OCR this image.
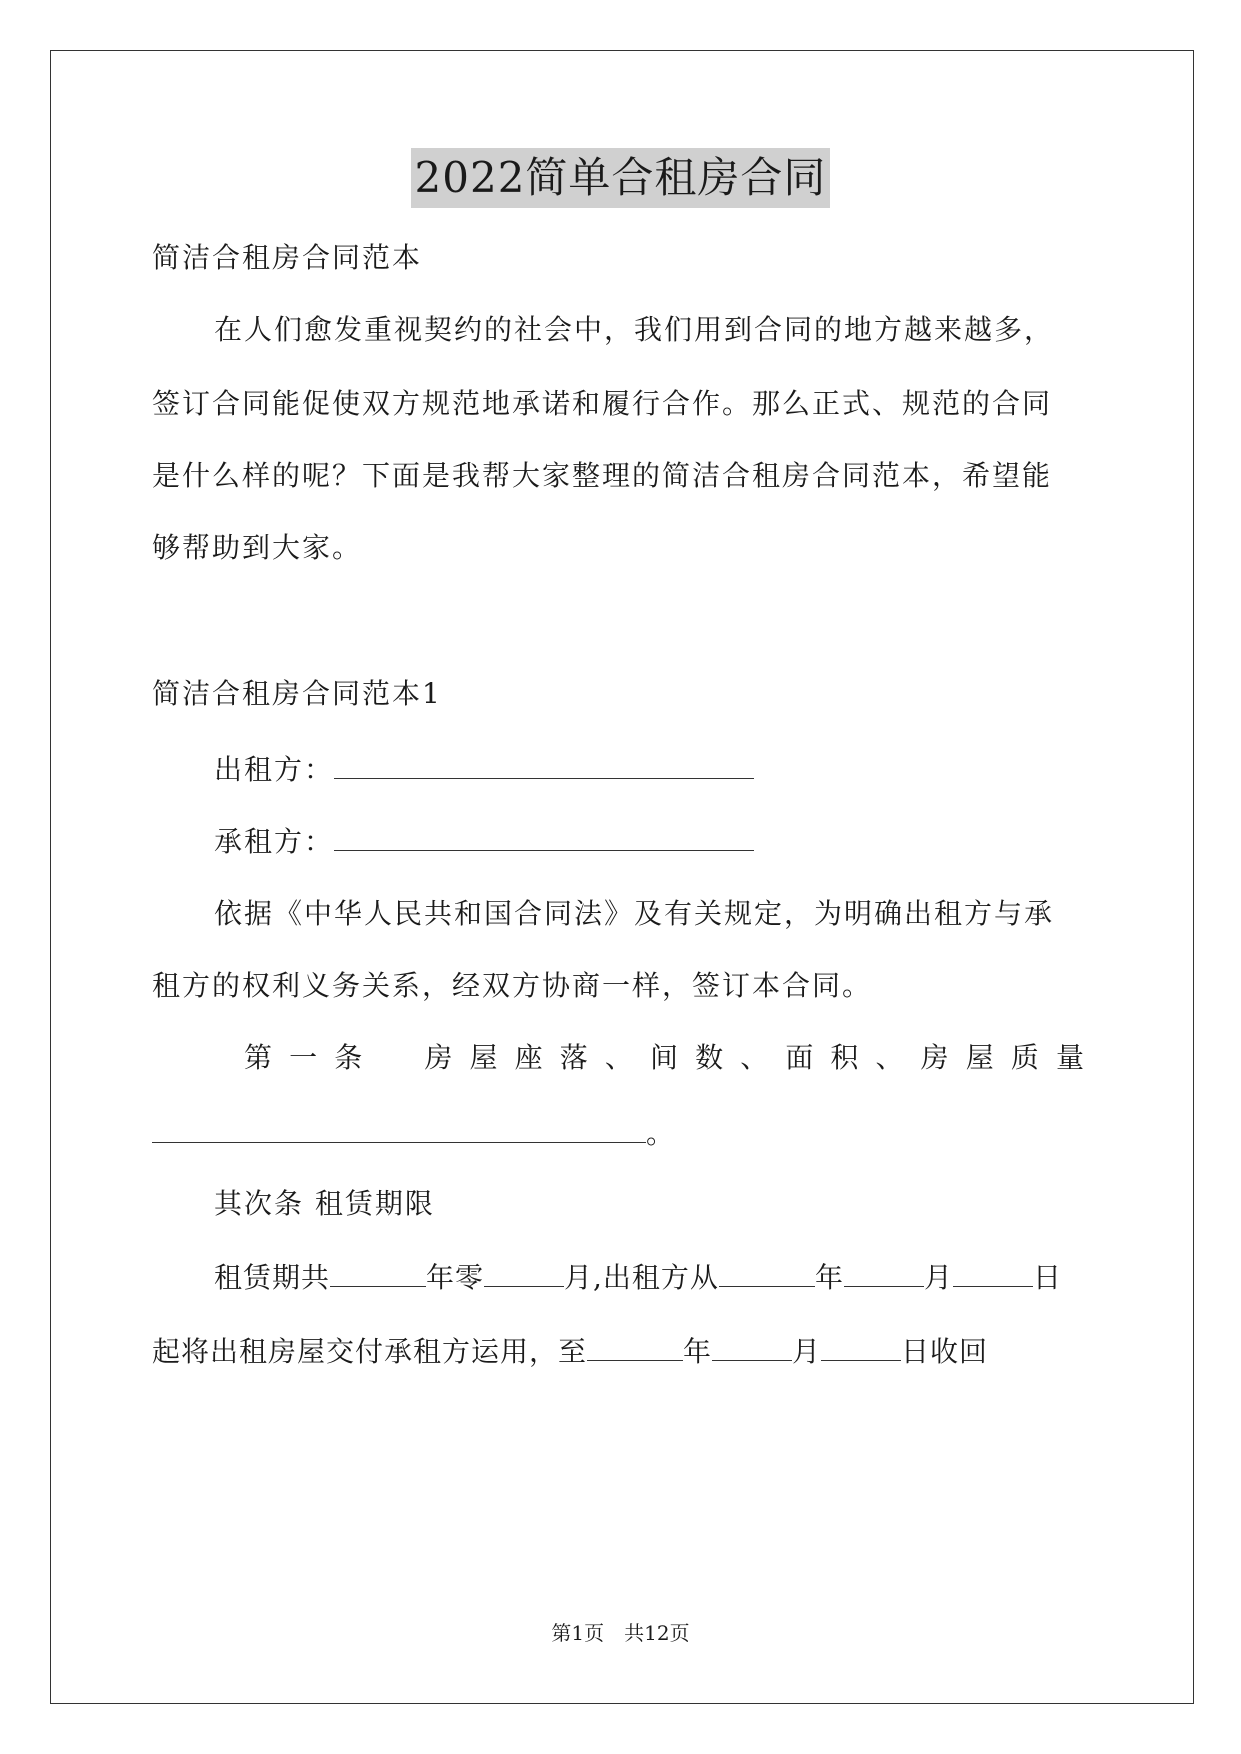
2022简单合租房合同
简洁合租房合同范本
在人们愈发重视契约的社会中，我们用到合同的地方越来越多，
签订合同能促使双方规范地承诺和履行合作。那么正式、规范的合同
是什么样的呢？下面是我帮大家整理的简洁合租房合同范本，希望能
够帮助到大家。
简洁合租房合同范本1
出租方：
承租方：
依据《中华人民共和国合同法》及有关规定，为明确出租方与承
租方的权利义务关系，经双方协商一样，签订本合同。
第一条　房屋座落、间数、面积、房屋质量
。
其次条 租赁期限
租赁期共	年零	月,出租方从	年	月	日
起将出租房屋交付承租方运用，至	年	月	日收回
第1页　共12页
